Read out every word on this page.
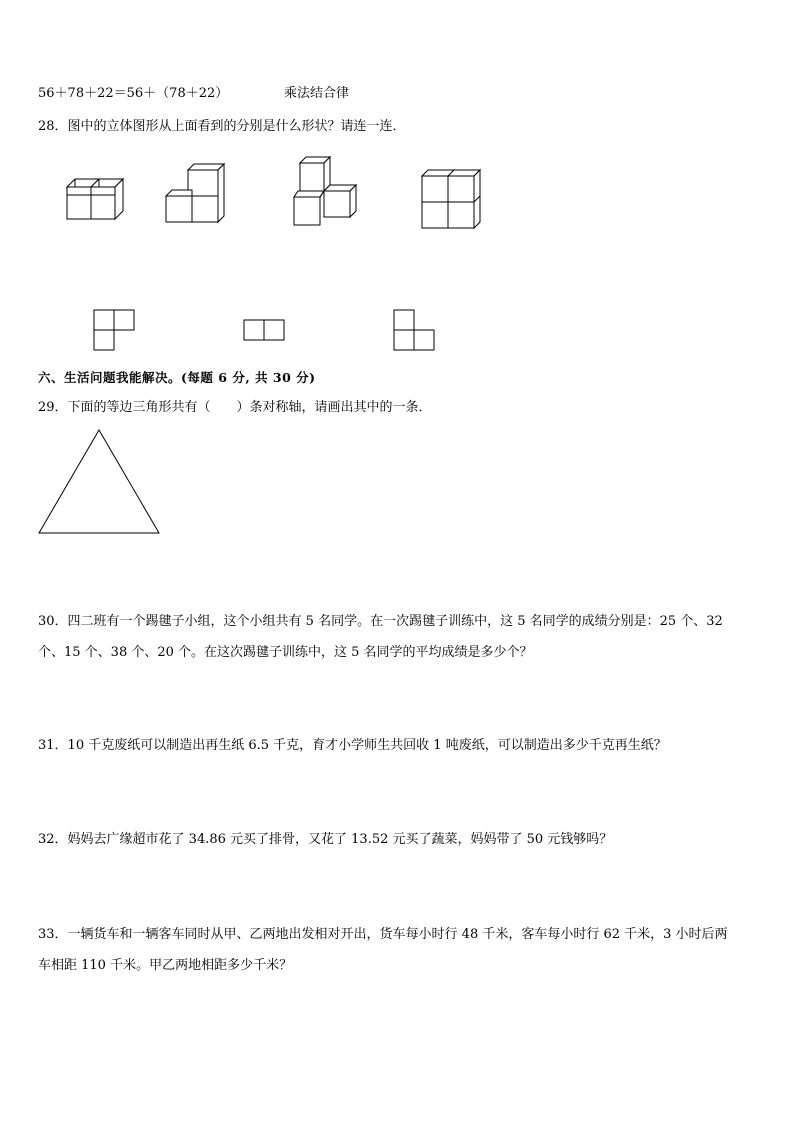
56＋78＋22＝56＋（78＋22）	乘法结合律
28．图中的立体图形从上面看到的分别是什么形状？请连一连．
六、生活问题我能解决。(每题 6 分, 共 30 分)
29．下面的等边三角形共有（　　）条对称轴，请画出其中的一条．
30．四二班有一个踢毽子小组，这个小组共有 5 名同学。在一次踢毽子训练中，这 5 名同学的成绩分别是：25 个、32
个、15 个、38 个、20 个。在这次踢毽子训练中，这 5 名同学的平均成绩是多少个？
31．10 千克废纸可以制造出再生纸 6.5 千克，育才小学师生共回收 1 吨废纸，可以制造出多少千克再生纸？
32．妈妈去广缘超市花了 34.86 元买了排骨，又花了 13.52 元买了蔬菜，妈妈带了 50 元钱够吗？
33．一辆货车和一辆客车同时从甲、乙两地出发相对开出，货车每小时行 48 千米，客车每小时行 62 千米，3 小时后两
车相距 110 千米。甲乙两地相距多少千米？
